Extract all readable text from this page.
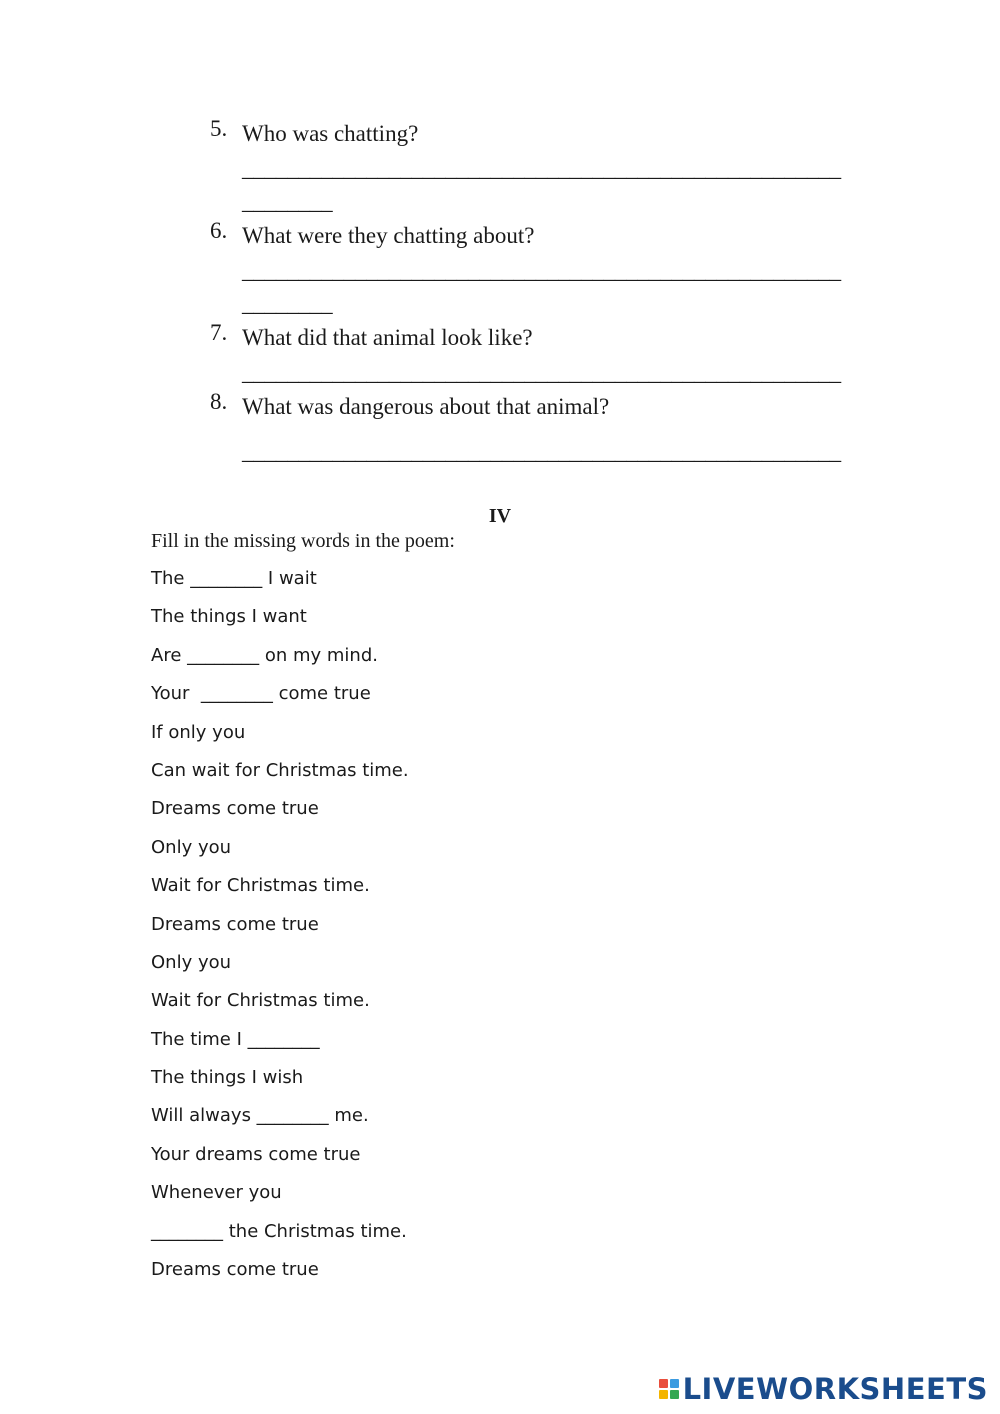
5. Who was chatting?
_____________________________________________________
________
6. What were they chatting about?
_____________________________________________________
________
7. What did that animal look like?
_____________________________________________________
8. What was dangerous about that animal?
_____________________________________________________
IV
Fill in the missing words in the poem:
The ________ I wait
The things I want
Are ________ on my mind.
Your  ________ come true
If only you
Can wait for Christmas time.
Dreams come true
Only you
Wait for Christmas time.
Dreams come true
Only you
Wait for Christmas time.
The time I ________
The things I wish
Will always ________ me.
Your dreams come true
Whenever you
________ the Christmas time.
Dreams come true
LIVEWORKSHEETS
